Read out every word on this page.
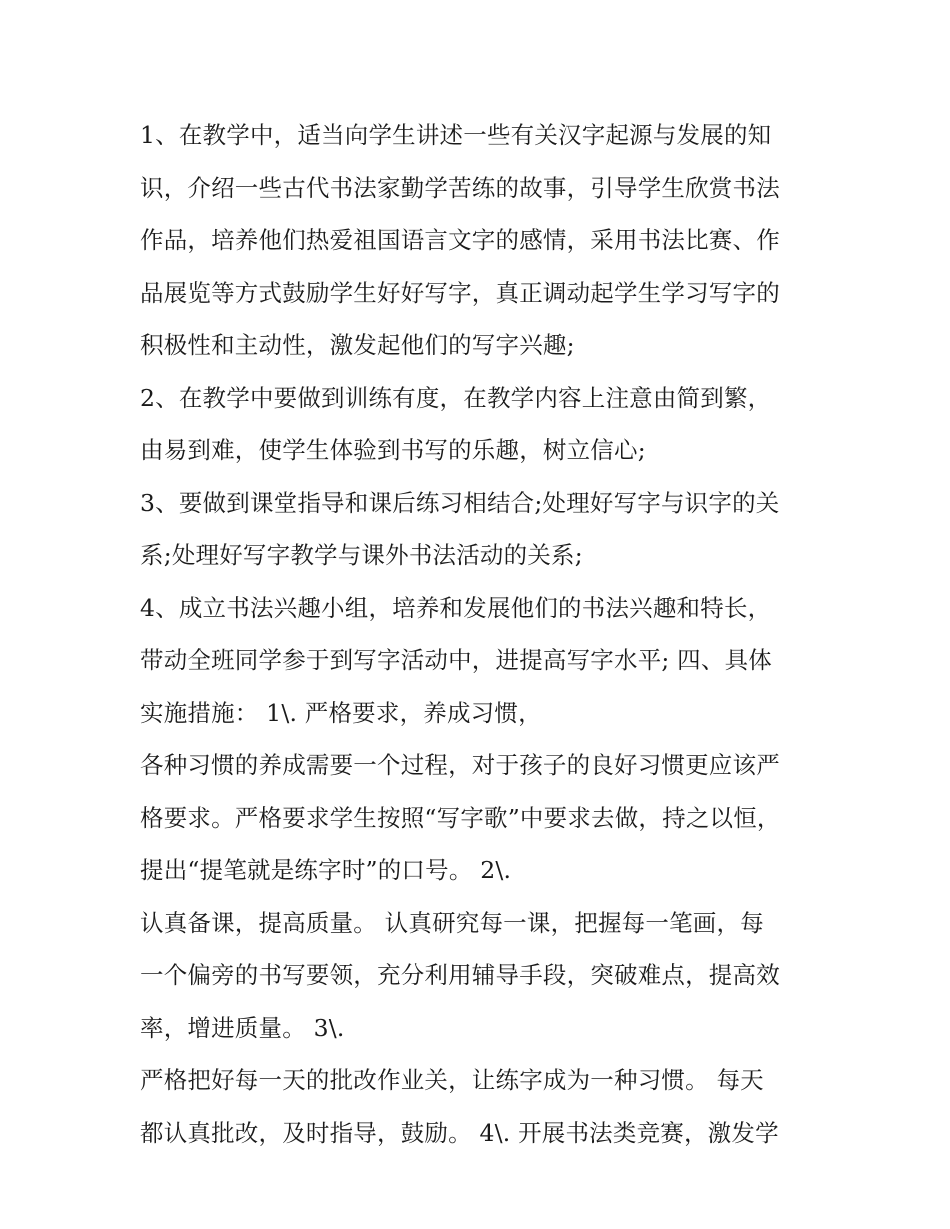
1、在教学中，适当向学生讲述一些有关汉字起源与发展的知
识，介绍一些古代书法家勤学苦练的故事，引导学生欣赏书法
作品，培养他们热爱祖国语言文字的感情，采用书法比赛、作
品展览等方式鼓励学生好好写字，真正调动起学生学习写字的
积极性和主动性，激发起他们的写字兴趣;
2、在教学中要做到训练有度，在教学内容上注意由简到繁，
由易到难，使学生体验到书写的乐趣，树立信心;
3、要做到课堂指导和课后练习相结合;处理好写字与识字的关
系;处理好写字教学与课外书法活动的关系;
4、成立书法兴趣小组，培养和发展他们的书法兴趣和特长，
带动全班同学参于到写字活动中，进提高写字水平; 四、具体
实施措施： 1\. 严格要求，养成习惯，
各种习惯的养成需要一个过程，对于孩子的良好习惯更应该严
格要求。严格要求学生按照“写字歌”中要求去做，持之以恒，
提出“提笔就是练字时”的口号。 2\.
认真备课，提高质量。 认真研究每一课，把握每一笔画，每
一个偏旁的书写要领，充分利用辅导手段，突破难点，提高效
率，增进质量。 3\.
严格把好每一天的批改作业关，让练字成为一种习惯。 每天
都认真批改，及时指导，鼓励。 4\. 开展书法类竞赛，激发学
